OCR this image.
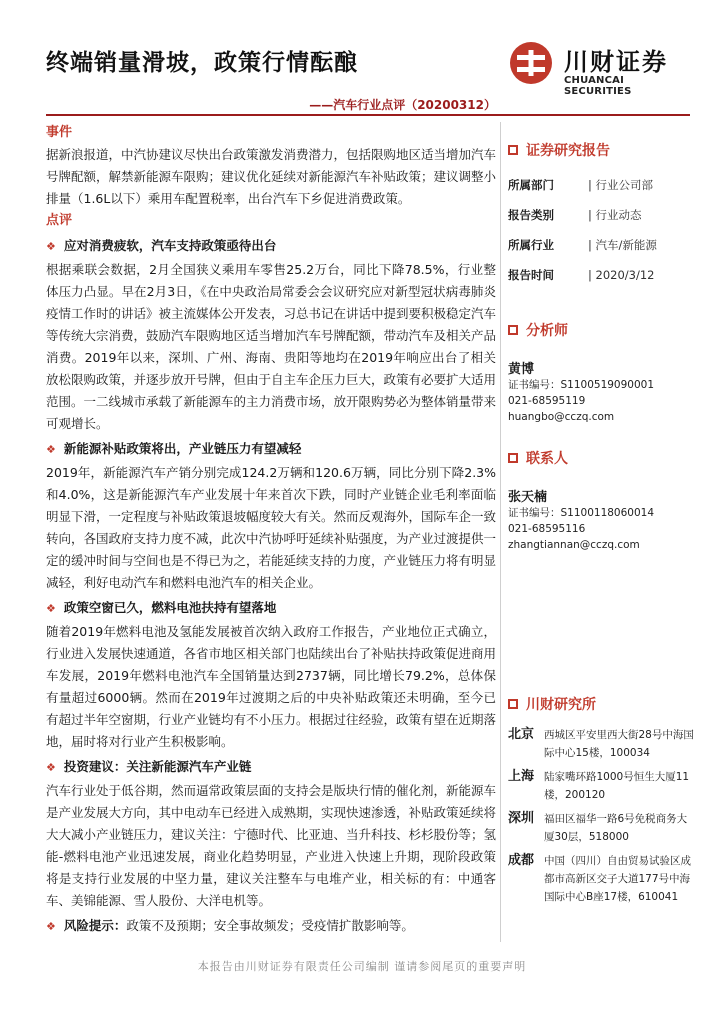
终端销量滑坡，政策行情酝酿
——汽车行业点评（20200312）
川财证券
CHUANCAI SECURITIES
事件

据新浪报道，中汽协建议尽快出台政策激发消费潜力，包括限购地区适当增加汽车号牌配额，解禁新能源车限购；建议优化延续对新能源汽车补贴政策；建议调整小排量（1.6L以下）乘用车配置税率，出台汽车下乡促进消费政策。

点评
❖ 应对消费疲软，汽车支持政策亟待出台

根据乘联会数据，2月全国狭义乘用车零售25.2万台，同比下降78.5%，行业整体压力凸显。早在2月3日，《在中央政治局常委会会议研究应对新型冠状病毒肺炎疫情工作时的讲话》被主流媒体公开发表，习总书记在讲话中提到要积极稳定汽车等传统大宗消费，鼓励汽车限购地区适当增加汽车号牌配额，带动汽车及相关产品消费。2019年以来，深圳、广州、海南、贵阳等地均在2019年响应出台了相关放松限购政策，并逐步放开号牌，但由于自主车企压力巨大，政策有必要扩大适用范围。一二线城市承载了新能源车的主力消费市场，放开限购势必为整体销量带来可观增长。

❖ 新能源补贴政策将出，产业链压力有望减轻

2019年，新能源汽车产销分别完成124.2万辆和120.6万辆，同比分别下降2.3%和4.0%，这是新能源汽车产业发展十年来首次下跌，同时产业链企业毛利率面临明显下滑，一定程度与补贴政策退坡幅度较大有关。然而反观海外，国际车企一致转向，各国政府支持力度不减，此次中汽协呼吁延续补贴强度，为产业过渡提供一定的缓冲时间与空间也是不得已为之，若能延续支持的力度，产业链压力将有明显减轻，利好电动汽车和燃料电池汽车的相关企业。

❖ 政策空窗已久，燃料电池扶持有望落地

随着2019年燃料电池及氢能发展被首次纳入政府工作报告，产业地位正式确立，行业进入发展快速通道，各省市地区相关部门也陆续出台了补贴扶持政策促进商用车发展，2019年燃料电池汽车全国销量达到2737辆，同比增长79.2%，总体保有量超过6000辆。然而在2019年过渡期之后的中央补贴政策还未明确，至今已有超过半年空窗期，行业产业链均有不小压力。根据过往经验，政策有望在近期落地，届时将对行业产生积极影响。

❖ 投资建议：关注新能源汽车产业链

汽车行业处于低谷期，然而逼常政策层面的支持会是版块行情的催化剂，新能源车是产业发展大方向，其中电动车已经进入成熟期，实现快速渗透，补贴政策延续将大大减小产业链压力，建议关注：宁德时代、比亚迪、当升科技、杉杉股份等；氢能-燃料电池产业迅速发展，商业化趋势明显，产业进入快速上升期，现阶段政策将是支持行业发展的中坚力量，建议关注整车与电堆产业，相关标的有：中通客车、美锦能源、雪人股份、大洋电机等。

❖ 风险提示：政策不及预期；安全事故频发；受疫情扩散影响等。
证券研究报告
所属部门	| 行业公司部
报告类别	| 行业动态
所属行业	| 汽车/新能源
报告时间	| 2020/3/12
分析师
黄博
证书编号：S1100519090001
021-68595119
huangbo@cczq.com
联系人
张天楠
证书编号：S1100118060014
021-68595116
zhangtiannan@cczq.com
川财研究所
北京 西城区平安里西大街28号中海国际中心15楼，100034
上海 陆家嘴环路1000号恒生大厦11楼，200120
深圳 福田区福华一路6号免税商务大厦30层，518000
成都 中国（四川）自由贸易试验区成都市高新区交子大道177号中海国际中心B座17楼，610041
本报告由川财证券有限责任公司编制 谨请参阅尾页的重要声明
